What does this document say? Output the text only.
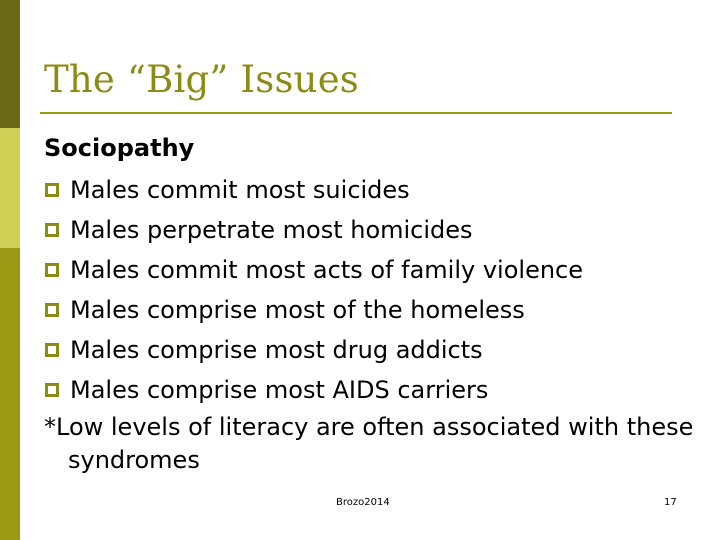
The “Big” Issues
Sociopathy
Males commit most suicides
Males perpetrate most homicides
Males commit most acts of family violence
Males comprise most of the homeless
Males comprise most drug addicts
Males comprise most AIDS carriers
*Low levels of literacy are often associated with these syndromes
Brozo2014	17
